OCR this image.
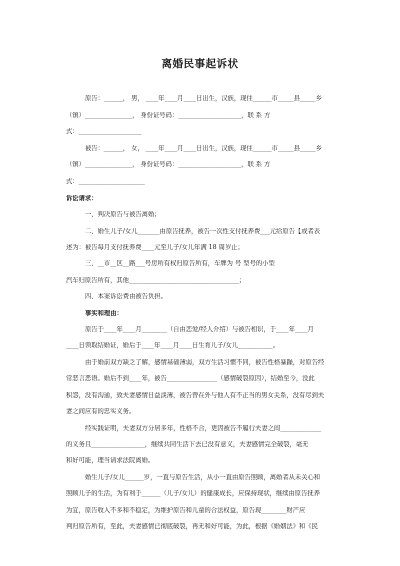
离婚民事起诉状

原告：______， 男， ____年____月____日出生，汉族，现住______市_____县_____乡

（镇）_______________， 身份证号码：____________________，联 系 方

式：____________________

被告：______， 女， ____年____月____日出生，汉族，现住______市_____县_____乡

（镇）_______________， 身份证号码：____________________，联 系 方

式：_____________________

诉讼请求：

一、判决原告与被告离婚；

二、婚生儿子/女儿_______由原告抚养，被告一次性支付抚养费___元给原告【或者表

述为：被告每月支付抚养费____元至儿子/女儿年满 18 周岁止；

三、__市__区__路___号房所有权归原告所有，车牌为 号 型号的小型

汽车归原告所有，其他___________________________________；

四、本案诉讼费由被告负担。

事实和理由：

原告于____年____月________（自由恋爱/经人介绍）与被告相识，于____年____月

____日领取结婚证，婚后于____年____月____日生育儿子/女儿___________。

由于婚前双方缺乏了解，感情基础薄弱，双方生活习惯不同，被告性格暴躁，对原告经

常恶言恶语。婚后不到____年，被告________________（感情破裂原因），结婚至今，没此

积怨，没有沟通，致夫妻感情日益淡薄，被告曾在外与他人有不正当的男女关系，没有尽到夫

妻之间应有的忠实义务。

经实践证明，夫妻双方分居多年，性格不合，更因被告不履行夫妻之间_____________

的义务且_________________，继续共同生活下去已没有意义，夫妻感情完全破裂，毫无

和好可能，理当请求法院离婚。

婚生儿子/女儿______岁，一直与原告生活，从小一直由原告照顾，离婚者从未关心和

照顾儿子的生活，为有利于______（儿子/女儿）的健康成长，应保持现状，继续由原告抚养

为宜，原告收入不多和不稳定，为维护原告和儿童的合法权益，原告现________财产应

判归原告所有，至此，夫妻感情已彻底破裂，再无和好可能，为此，根据《婚姻法》和《民
